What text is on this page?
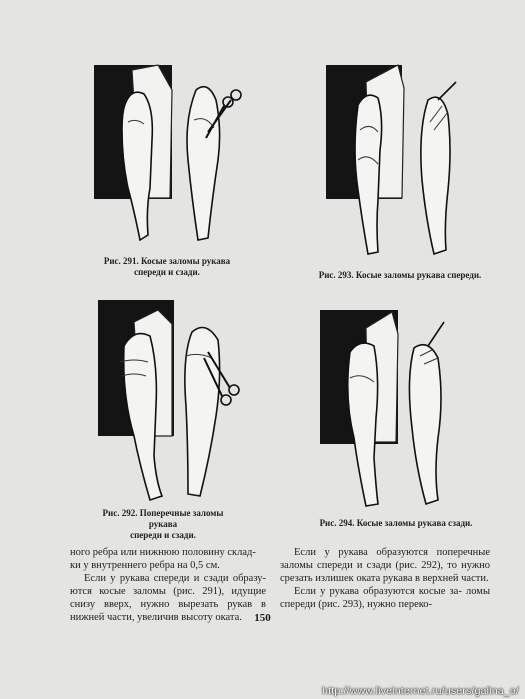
Рис. 291. Косые заломы рукава
спереди и сзади.	Рис. 293. Косые заломы рукава спереди.
Рис. 292. Поперечные заломы рукава
спереди и сзади.
Рис. 294. Косые заломы рукава сзади.

ного ребра или нижнюю половину склад-

ки у внутреннего ребра на 0,5 см.

Если у рукава спереди и сзади образу- ются косые заломы (рис. 291), идущие снизу вверх, нужно вырезать рукав в нижней части, увеличив высоту оката.

Если у рукава образуются поперечные заломы спереди и сзади (рис. 292), то нужно срезать излишек оката рукава в верхней части.

Если у рукава образуются косые за- ломы спереди (рис. 293), нужно переко-

150
http://www.liveinternet.ru/users/galina_o/
